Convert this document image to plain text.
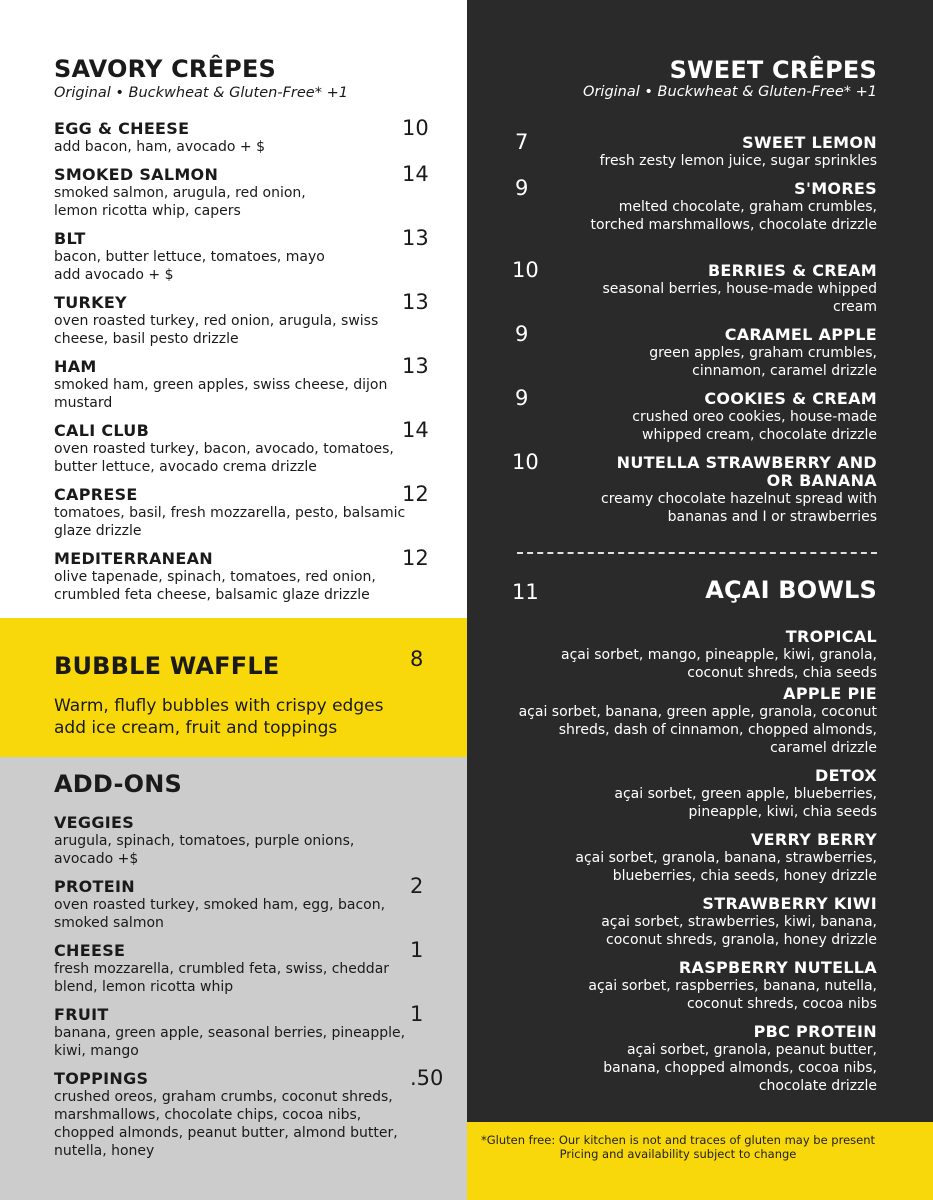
SAVORY CRÊPES
Original • Buckwheat & Gluten-Free* +1
EGG & CHEESE
add bacon, ham, avocado + $
10
SMOKED SALMON
smoked salmon, arugula, red onion, lemon ricotta whip, capers
14
BLT
bacon, butter lettuce, tomatoes, mayo add avocado + $
13
TURKEY
oven roasted turkey, red onion, arugula, swiss cheese, basil pesto drizzle
13
HAM
smoked ham, green apples, swiss cheese, dijon mustard
13
CALI CLUB
oven roasted turkey, bacon, avocado, tomatoes, butter lettuce, avocado crema drizzle
14
CAPRESE
tomatoes, basil, fresh mozzarella, pesto, balsamic glaze drizzle
12
MEDITERRANEAN
olive tapenade, spinach, tomatoes, red onion, crumbled feta cheese, balsamic glaze drizzle
12
BUBBLE WAFFLE	8
Warm, flufly bubbles with crispy edges
add ice cream, fruit and toppings
ADD-ONS
VEGGIES
arugula, spinach, tomatoes, purple onions, avocado +$
PROTEIN
oven roasted turkey, smoked ham, egg, bacon, smoked salmon
2
CHEESE
fresh mozzarella, crumbled feta, swiss, cheddar blend, lemon ricotta whip
1
FRUIT
banana, green apple, seasonal berries, pineapple, kiwi, mango
1
TOPPINGS
crushed oreos, graham crumbs, coconut shreds, marshmallows, chocolate chips, cocoa nibs, chopped almonds, peanut butter, almond butter, nutella, honey
.50
SWEET CRÊPES
Original • Buckwheat & Gluten-Free* +1
7	SWEET LEMON
fresh zesty lemon juice, sugar sprinkles
9	S'MORES
melted chocolate, graham crumbles, torched marshmallows, chocolate drizzle
10	BERRIES & CREAM
seasonal berries, house-made whipped cream
9	CARAMEL APPLE
green apples, graham crumbles, cinnamon, caramel drizzle
9	COOKIES & CREAM
crushed oreo cookies, house-made whipped cream, chocolate drizzle
10	NUTELLA STRAWBERRY AND OR BANANA
creamy chocolate hazelnut spread with bananas and I or strawberries
11	AÇAI BOWLS
TROPICAL
açai sorbet, mango, pineapple, kiwi, granola, coconut shreds, chia seeds
APPLE PIE
açai sorbet, banana, green apple, granola, coconut shreds, dash of cinnamon, chopped almonds, caramel drizzle
DETOX
açai sorbet, green apple, blueberries, pineapple, kiwi, chia seeds
VERRY BERRY
açai sorbet, granola, banana, strawberries, blueberries, chia seeds, honey drizzle
STRAWBERRY KIWI
açai sorbet, strawberries, kiwi, banana, coconut shreds, granola, honey drizzle
RASPBERRY NUTELLA
açai sorbet, raspberries, banana, nutella, coconut shreds, cocoa nibs
PBC PROTEIN
açai sorbet, granola, peanut butter, banana, chopped almonds, cocoa nibs, chocolate drizzle
*Gluten free: Our kitchen is not and traces of gluten may be present
Pricing and availability subject to change
